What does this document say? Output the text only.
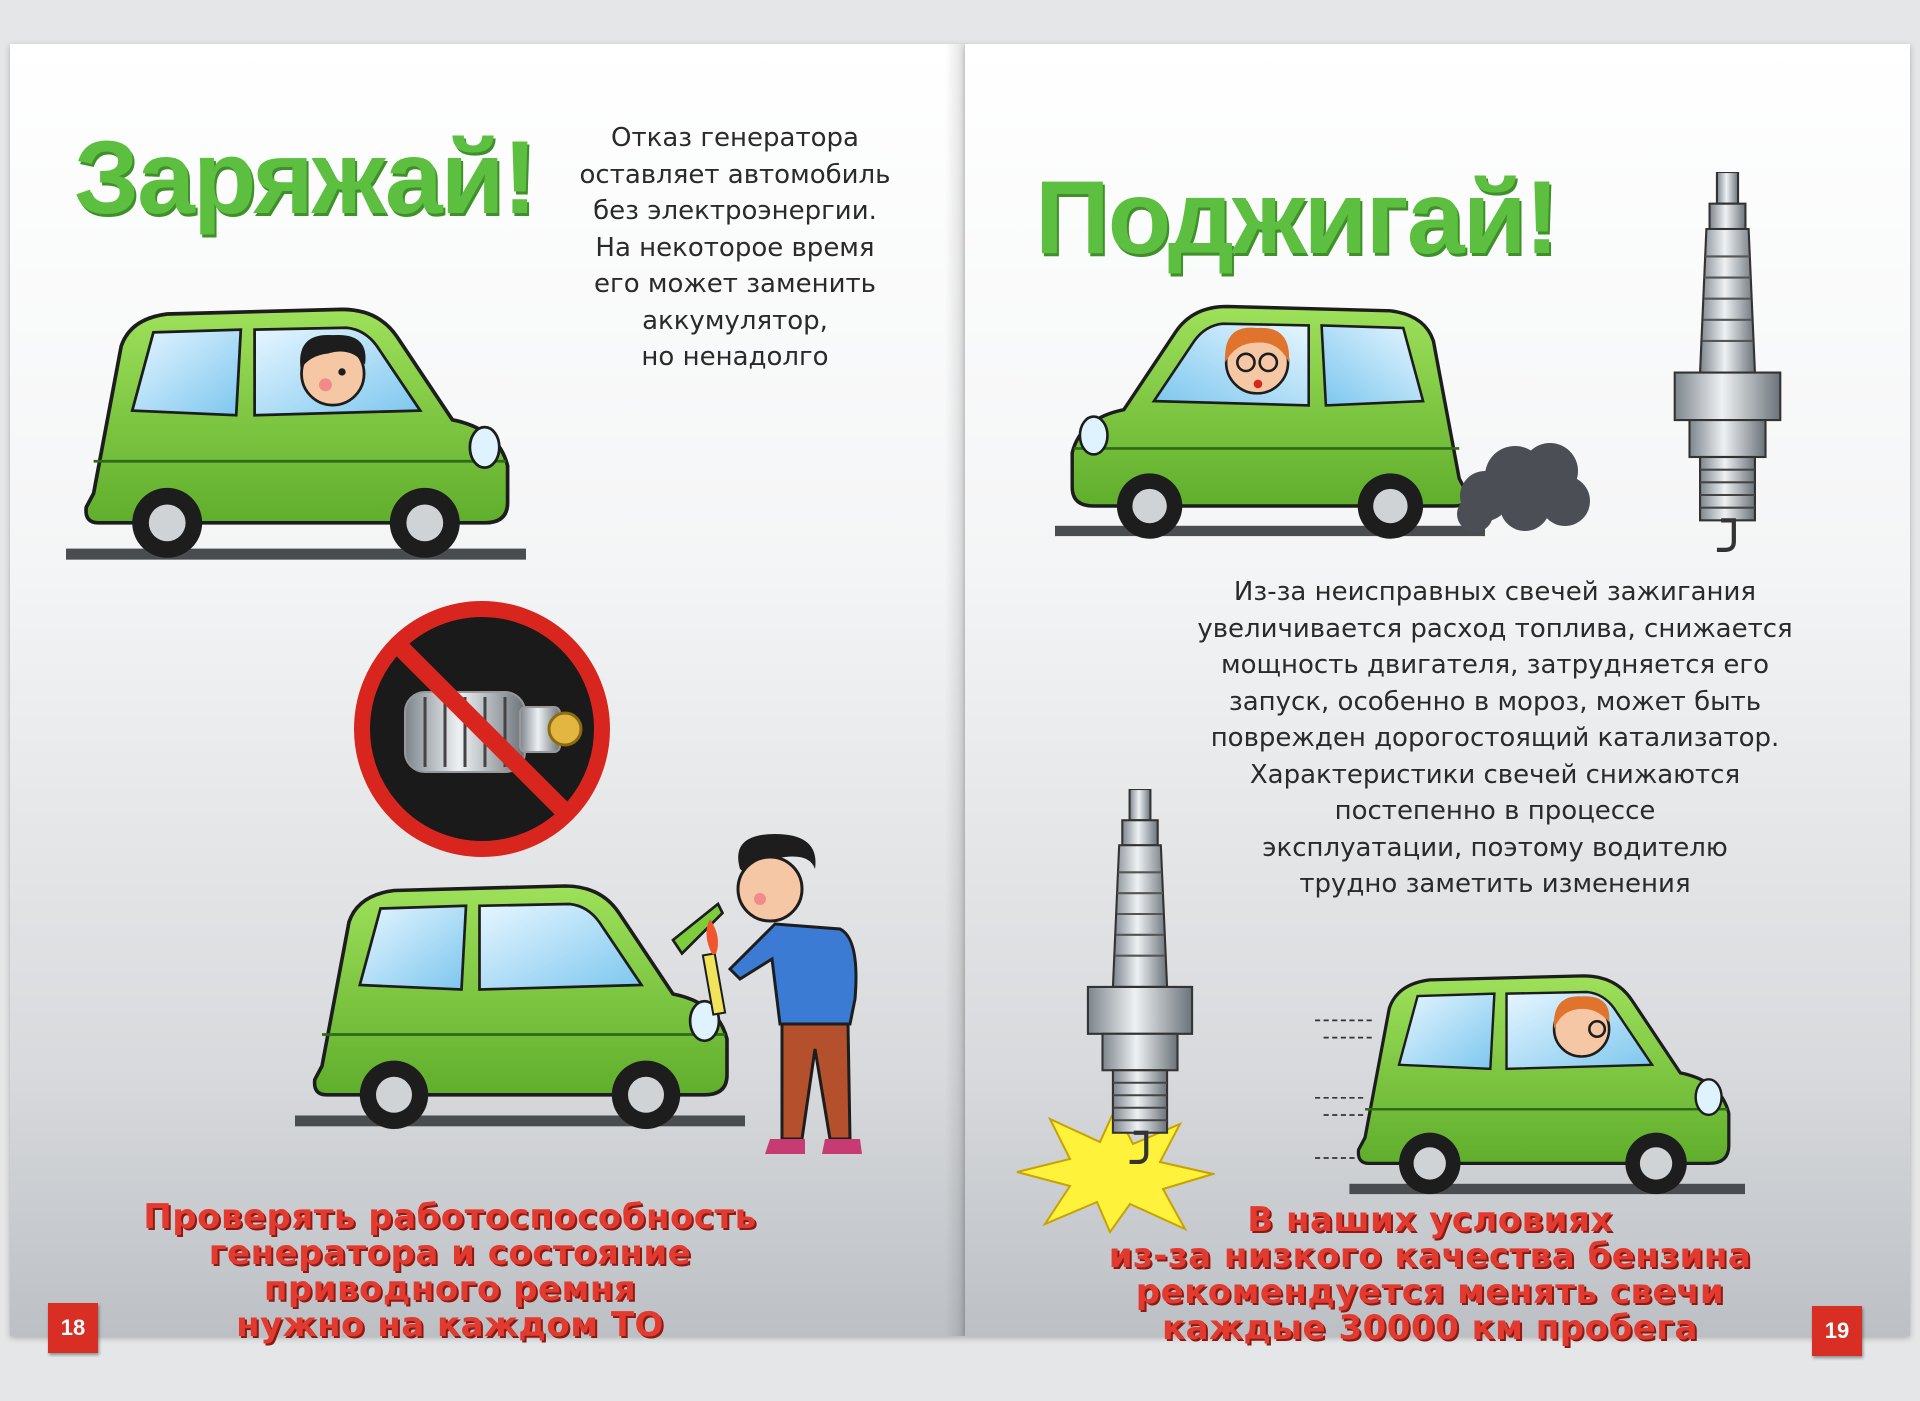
Заряжай!	Отказ генератора
оставляет автомобиль
без электроэнергии.
На некоторое время
его может заменить
аккумулятор,
но ненадолго
Проверять работоспособность
генератора и состояние
приводного ремня
нужно на каждом ТО
18
Поджигай!
Из-за неисправных свечей зажигания
увеличивается расход топлива, снижается
мощность двигателя, затрудняется его
запуск, особенно в мороз, может быть
поврежден дорогостоящий катализатор.
Характеристики свечей снижаются
постепенно в процессе
эксплуатации, поэтому водителю
трудно заметить изменения
В наших условиях
из-за низкого качества бензина
рекомендуется менять свечи
каждые 30000 км пробега	19
